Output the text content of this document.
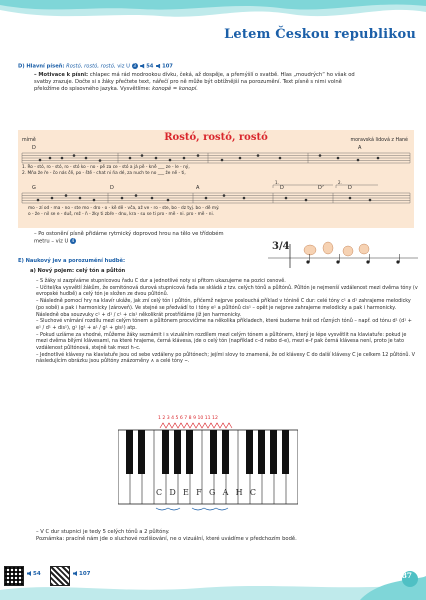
Letem Českou republikou
D) Hlavní píseň: Rostó, rostó, rostó, viz U 3 54 107
– Motivace k písni: chlapec má rád modrookou dívku, čeká, až dospěje, a přemýšlí o svatbě. Hlas „moudrých“ ho však od
svatby zrazuje. Dočte si s žáky přečtete text, nářečí pro ně může být obtížnější na porozumění. Text písně s nimi volně
přeložíme do spisovného jazyka. Vysvětlíme: konopě = konopí.
Rostó, rostó, rostó
mírně	moravská lidová z Hané
D	A
G	D	A	D	D⁷	D
1.	2.
1. Ro - stó, ro - stó, ro - stó ko - no - pě za ce - stó a já pě - kně ___ ze - le - ný,
2. Mňa že ře - čo nás čě, po - ště - chat ni ňa dé, za nuch te no ___ že ně - ti,
mo - zí od - ma - no - ste mo - dro - o - kě dě - vča, až ve - ro - ste, bo - dz tyj. bo - dě mý.
o - že - nil se e - duš, rež - ň - žky ti zbře - dnu, kra - su se ti pro - mě - ni. pro - mě - ni.
– Po ostonění písně přidáme rytmický doprovod hrou na tělo ve třídobém
metru – viz U 4
3/4
E) Naukový jev a porozumění hudbě:
a) Nový pojem: celý tón a půltón
– S žáky si zazpíváme stupnicovou řadu C dur a jednotlivé noty si přitom ukazujeme na pozici osnově.
– Učitel/ka vysvětlí žákům, že osmitónová durová stupnicová řada se skládá z tzv. celých tónů a půltónů. Půltón je nejmenší vzdálenost mezi dvěma tóny (v evropské hudbě) a celý tón je složen ze dvou půltónů.
– Následně pomocí hry na klavír ukáže, jak zní celý tón i půltón, přičemž nejprve poslouchá příklad v tónině C dur: celé tóny c¹ a d¹ zahrajeme melodicky (po sobě) a pak i harmonicky (zároveň). Ve stejné se předvádí to i tóny e¹ a půltónů cis¹ – opět je nejprve zahrajeme melodicky a pak i harmonicky. Následně oba souzvuky c¹ + d¹ / c¹ + cis¹ několikrát prostřídáme již jen harmonicky.
– Sluchové vnímání rozdílu mezi celým tónem a půltónem procvičíme na několika příkladech, které budeme hrát od různých tónů – např. od tónu d¹ (d¹ + e¹ / d¹ + dis¹), g¹ (g¹ + a¹ / g¹ + gis¹) atp.
– Pokud uzíáme za vhodné, můžeme žáky seznámit i s vizuálním rozdílem mezi celým tónem a půltónem, který je lépe vysvětlit na klaviatuře: pokud je mezi dvěma bílými klávesami, na které hrajeme, černá klávesa, jde o celý tón (například c–d nebo d–e), mezi e–f pak černá klávesa není, proto je tato vzdálenost půltónová, stejně tak mezi h–c.
– Jednotlivé klávesy na klaviatuře jsou od sebe vzdáleny po půltónech; jejími slovy to znamená, že od klávesy C do další klávesy C je celkem 12 půltónů. V následujícím obrázku jsou půltóny znázorněny ∧ a celé tóny ⌣.
1 2 3 4 5 6 7 8 9 10 11 12
C D E F G A H C
– V C dur stupnici je tedy 5 celých tónů a 2 půltóny.
Poznámka: pracíně nám jde o sluchové rozlišování, ne o vizuální, které uvádíme v předchozím bodě.
54	107	87
